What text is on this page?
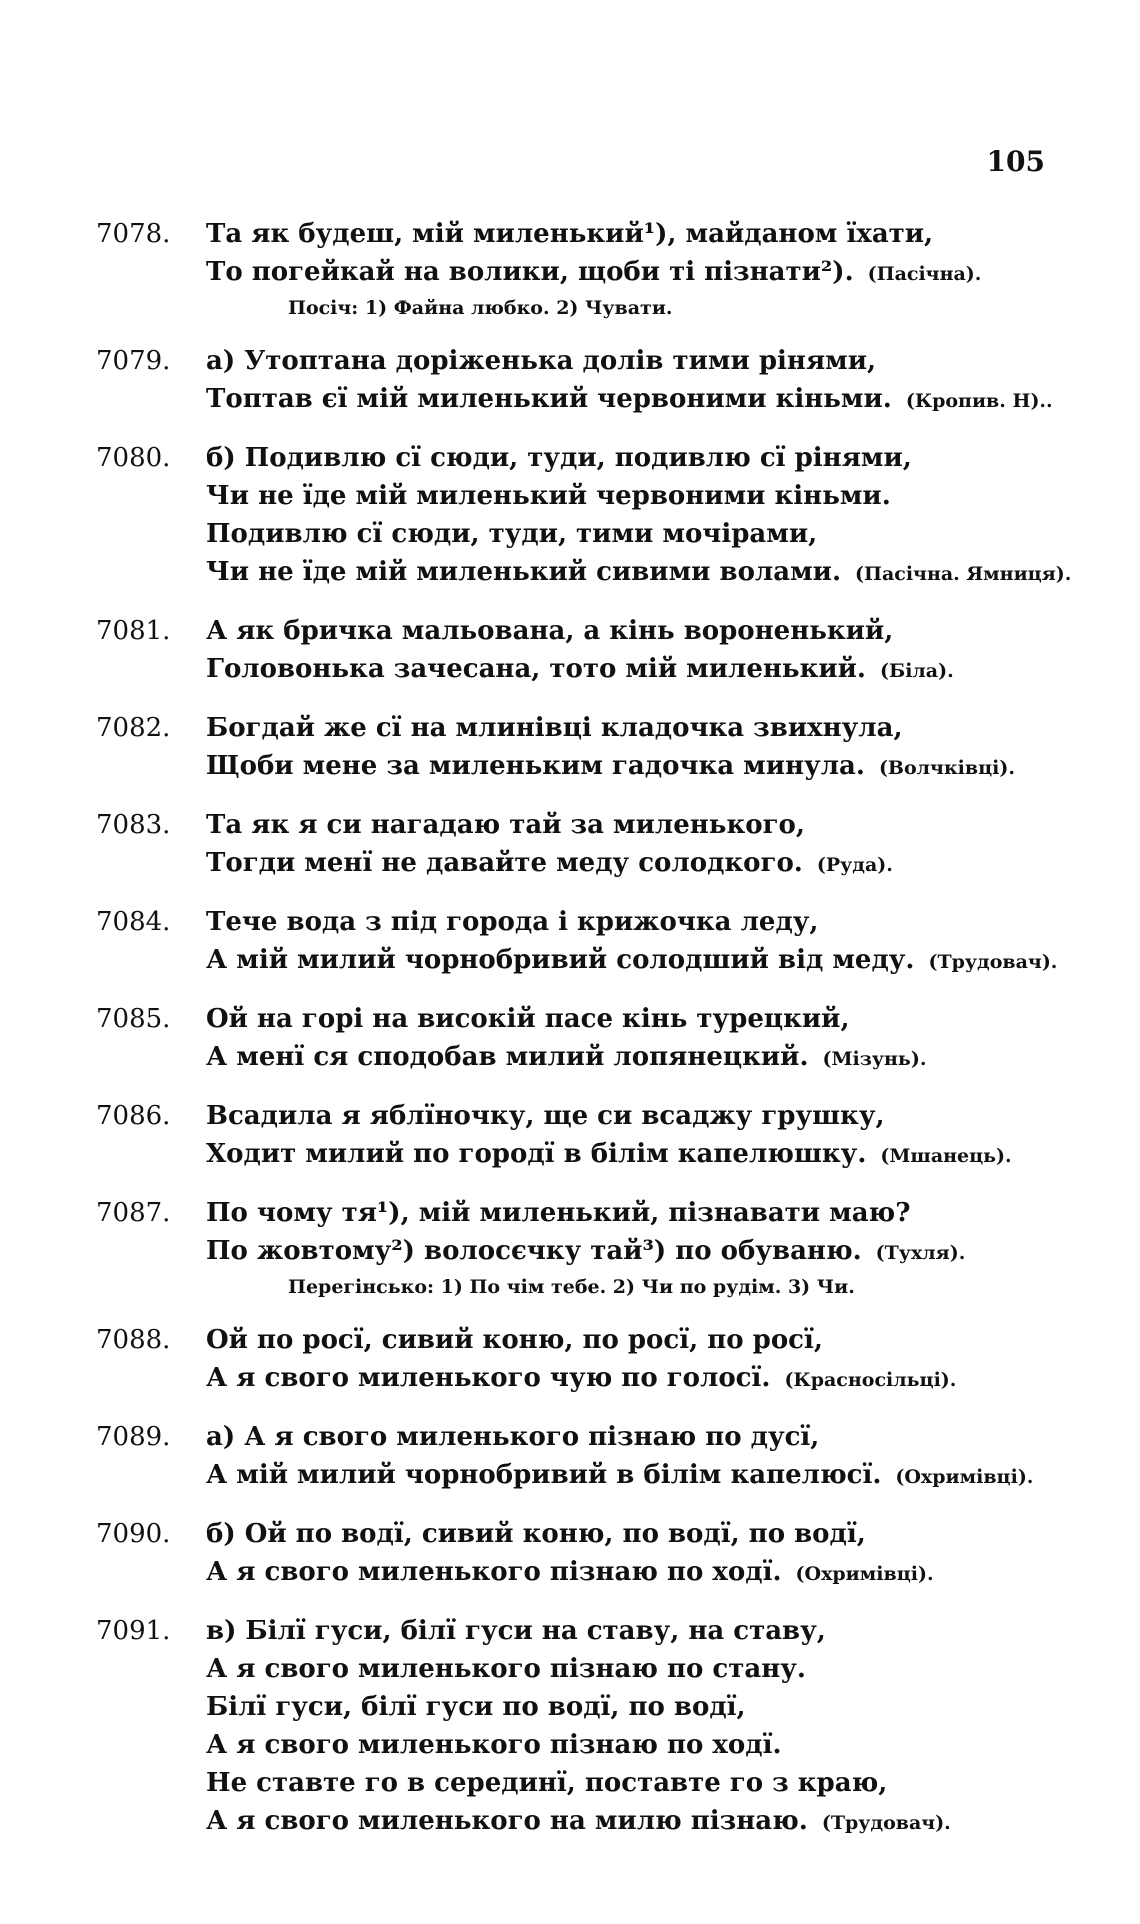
105
7078. Та як будеш, мій миленький¹), майданом їхати,
То погейкай на волики, щоби ті пізнати²). (Пасічна).
Посіч: 1) Файна любко. 2) Чувати.
7079. а) Утоптана доріженька долів тими рінями,
Топтав єї мій миленький червоними кіньми. (Кропив. Н)..
7080. б) Подивлю сї сюди, туди, подивлю сї рінями,
Чи не їде мій миленький червоними кіньми.
Подивлю сї сюди, туди, тими мочірами,
Чи не їде мій миленький сивими волами. (Пасічна. Ямниця).
7081. А як бричка мальована, а кінь вороненький,
Головонька зачесана, тото мій миленький. (Біла).
7082. Богдай же сї на млинівці кладочка звихнула,
Щоби мене за миленьким гадочка минула. (Волчківці).
7083. Та як я си нагадаю тай за миленького,
Тогди менї не давайте меду солодкого. (Руда).
7084. Тече вода з під города і крижочка леду,
А мій милий чорнобривий солодший від меду. (Трудовач).
7085. Ой на горі на високій пасе кінь турецкий,
А менї ся сподобав милий лопянецкий. (Мізунь).
7086. Всадила я яблїночку, ще си всаджу грушку,
Ходит милий по городї в білім капелюшку. (Мшанець).
7087. По чому тя¹), мій миленький, пізнавати маю?
По жовтому²) волосєчку тай³) по обуваню. (Тухля).
Перегінсько: 1) По чім тебе. 2) Чи по рудім. 3) Чи.
7088. Ой по росї, сивий коню, по росї, по росї,
А я свого миленького чую по голосї. (Красносільці).
7089. а) А я свого миленького пізнаю по дусї,
А мій милий чорнобривий в білім капелюсї. (Охримівці).
7090. б) Ой по водї, сивий коню, по водї, по водї,
А я свого миленького пізнаю по ходї. (Охримівці).
7091. в) Білї гуси, білї гуси на ставу, на ставу,
А я свого миленького пізнаю по стану.
Білї гуси, білї гуси по водї, по водї,
А я свого миленького пізнаю по ходї.
Не ставте го в серединї, поставте го з краю,
А я свого миленького на милю пізнаю. (Трудовач).
